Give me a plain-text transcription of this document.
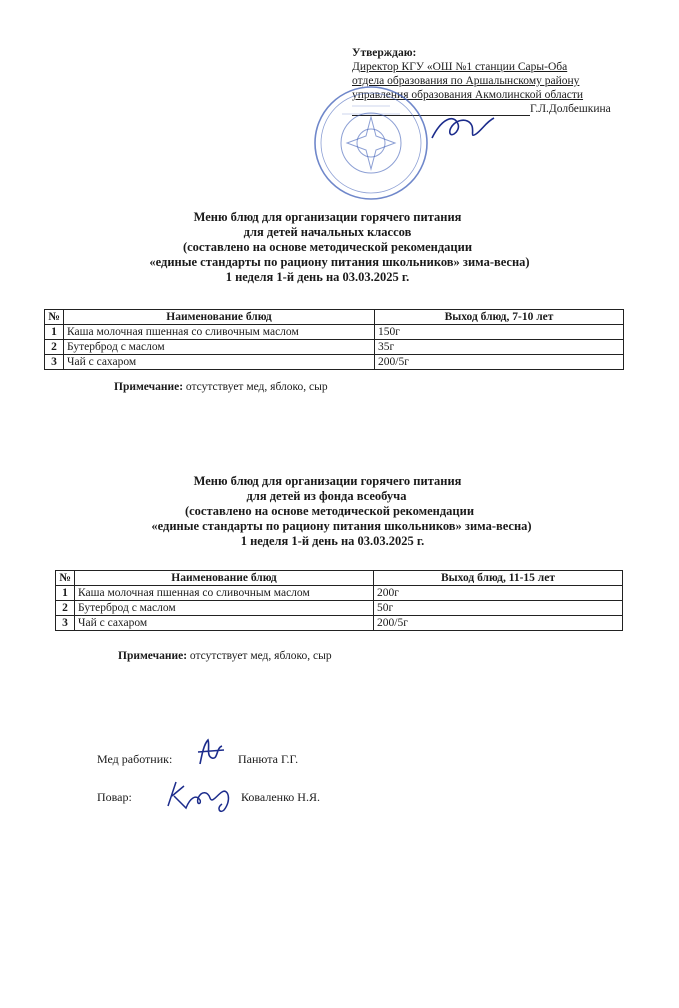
Утверждаю:
Директор КГУ «ОШ №1 станции Сары-Оба
отдела образования по Аршалынскому району
управления образования Акмолинской области
Г.Л.Долбешкина
Меню блюд для организации горячего питания
для детей начальных классов
(составлено на основе методической рекомендации
«единые стандарты по рациону питания школьников» зима-весна)
1 неделя 1-й день на 03.03.2025 г.
№	Наименование блюд	Выход блюд, 7-10 лет
1	Каша молочная пшенная со сливочным маслом	150г
2	Бутерброд с маслом	35г
3	Чай с сахаром	200/5г
Примечание: отсутствует мед, яблоко, сыр
Меню блюд для организации горячего питания
для детей из фонда всеобуча
(составлено на основе методической рекомендации
«единые стандарты по рациону питания школьников» зима-весна)
1 неделя 1-й день на 03.03.2025 г.
№	Наименование блюд	Выход блюд, 11-15 лет
1	Каша молочная пшенная со сливочным маслом	200г
2	Бутерброд с маслом	50г
3	Чай с сахаром	200/5г
Примечание: отсутствует мед, яблоко, сыр
Мед работник:	Панюта Г.Г.
Повар:	Коваленко Н.Я.
